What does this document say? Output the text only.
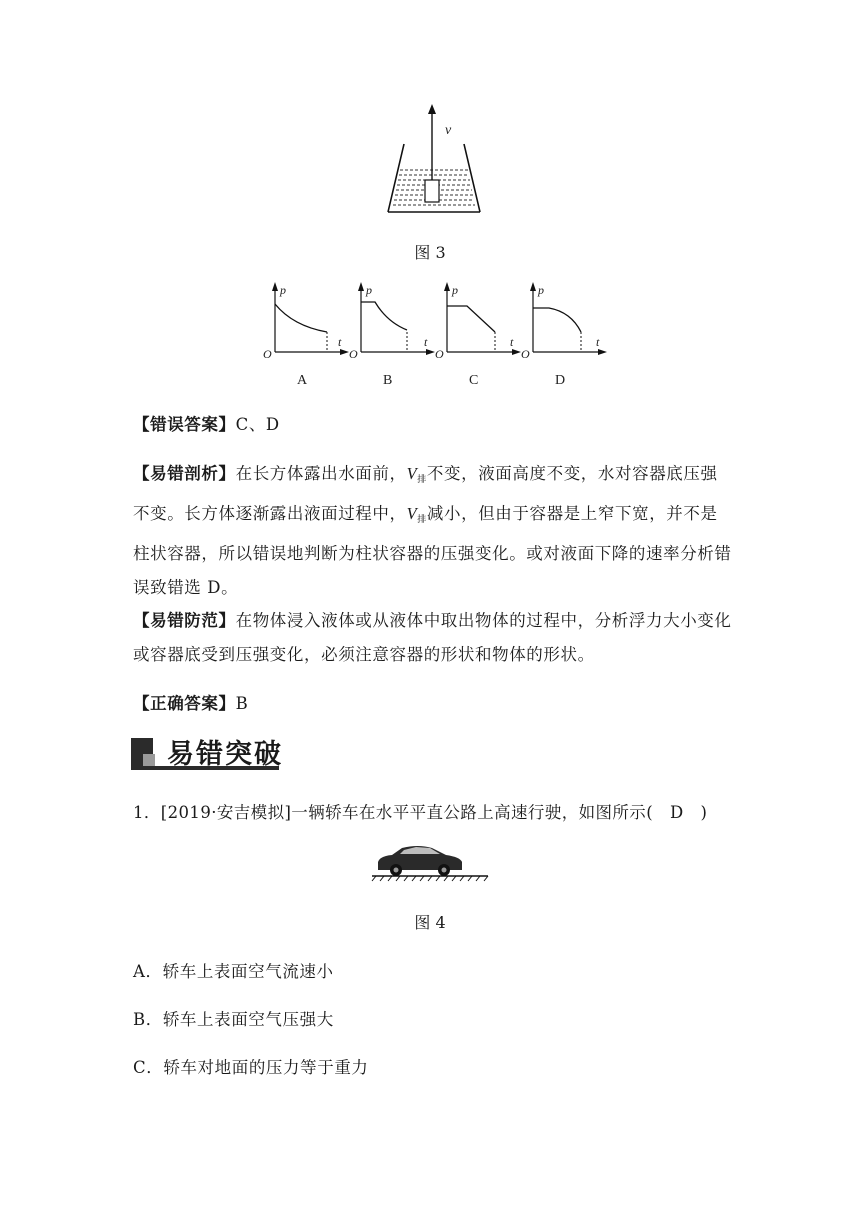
v
图 3
p
t
O
A
p
t
O
B
p
t
O
C
p
t
O
D
【错误答案】C、D
【易错剖析】在长方体露出水面前，$V_排$不变，液面高度不变，水对容器底压强不变。长方体逐渐露出液面过程中，$V_排$减小，但由于容器是上窄下宽，并不是柱状容器，所以错误地判断为柱状容器的压强变化。或对液面下降的速率分析错误致错选 D。
【易错防范】在物体浸入液体或从液体中取出物体的过程中，分析浮力大小变化或容器底受到压强变化，必须注意容器的形状和物体的形状。
【正确答案】B
易错突破
1．[2019·安吉模拟]一辆轿车在水平平直公路上高速行驶，如图所示(　D　)
图 4
A．轿车上表面空气流速小
B．轿车上表面空气压强大
C．轿车对地面的压力等于重力
